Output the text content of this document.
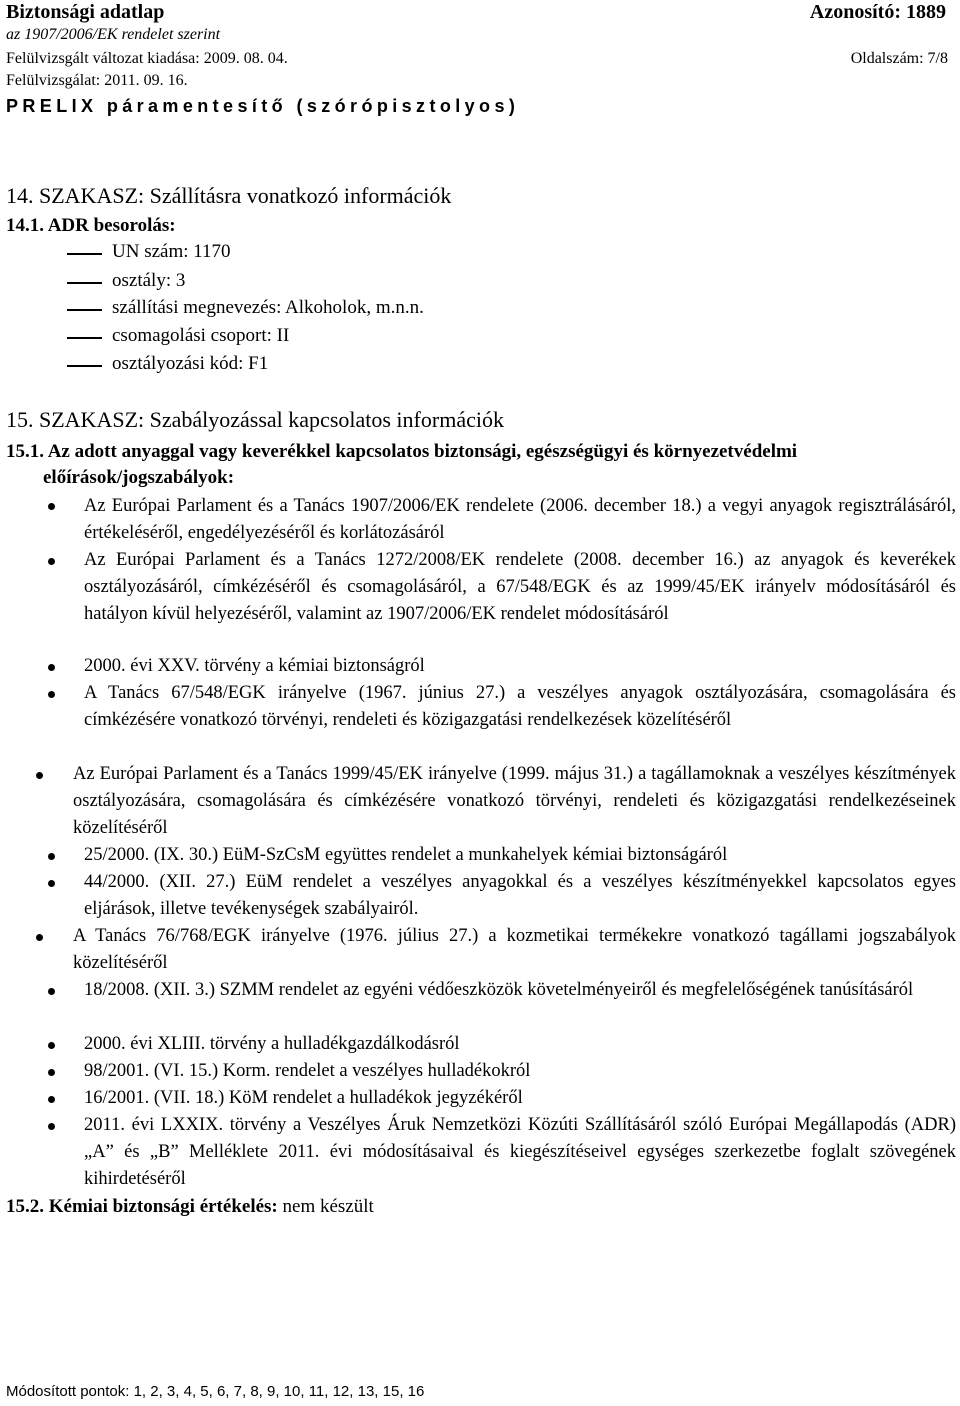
Biztonsági adatlap	Azonosító: 1889
az 1907/2006/EK rendelet szerint
Felülvizsgált változat kiadása: 2009. 08. 04.	Oldalszám: 7/8
Felülvizsgálat: 2011. 09. 16.
PRELIX páramentesítő (szórópisztolyos)
14. SZAKASZ: Szállításra vonatkozó információk
14.1. ADR besorolás:
UN szám: 1170
osztály: 3
szállítási megnevezés: Alkoholok, m.n.n.
csomagolási csoport: II
osztályozási kód: F1
15. SZAKASZ: Szabályozással kapcsolatos információk
15.1. Az adott anyaggal vagy keverékkel kapcsolatos biztonsági, egészségügyi és környezetvédelmi
előírások/jogszabályok:
Az Európai Parlament és a Tanács 1907/2006/EK rendelete (2006. december 18.) a vegyi anyagok regisztrálásáról, értékeléséről, engedélyezéséről és korlátozásáról
Az Európai Parlament és a Tanács 1272/2008/EK rendelete (2008. december 16.) az anyagok és keverékek osztályozásáról, címkézéséről és csomagolásáról, a 67/548/EGK és az 1999/45/EK irányelv módosításáról és hatályon kívül helyezéséről, valamint az 1907/2006/EK rendelet módosításáról
2000. évi XXV. törvény a kémiai biztonságról
A Tanács 67/548/EGK irányelve (1967. június 27.) a veszélyes anyagok osztályozására, csomagolására és címkézésére vonatkozó törvényi, rendeleti és közigazgatási rendelkezések közelítéséről
Az Európai Parlament és a Tanács 1999/45/EK irányelve (1999. május 31.) a tagállamoknak a veszélyes készítmények osztályozására, csomagolására és címkézésére vonatkozó törvényi, rendeleti és közigazgatási rendelkezéseinek közelítéséről
25/2000. (IX. 30.) EüM-SzCsM együttes rendelet a munkahelyek kémiai biztonságáról
44/2000. (XII. 27.) EüM rendelet a veszélyes anyagokkal és a veszélyes készítményekkel kapcsolatos egyes eljárások, illetve tevékenységek szabályairól.
A Tanács 76/768/EGK irányelve (1976. július 27.) a kozmetikai termékekre vonatkozó tagállami jogszabályok közelítéséről
18/2008. (XII. 3.) SZMM rendelet az egyéni védőeszközök követelményeiről és megfelelőségének tanúsításáról
2000. évi XLIII. törvény a hulladékgazdálkodásról
98/2001. (VI. 15.) Korm. rendelet a veszélyes hulladékokról
16/2001. (VII. 18.) KöM rendelet a hulladékok jegyzékéről
2011. évi LXXIX. törvény a Veszélyes Áruk Nemzetközi Közúti Szállításáról szóló Európai Megállapodás (ADR) „A” és „B” Melléklete 2011. évi módosításaival és kiegészítéseivel egységes szerkezetbe foglalt szövegének kihirdetéséről
15.2. Kémiai biztonsági értékelés: nem készült
Módosított pontok: 1, 2, 3, 4, 5, 6, 7, 8, 9, 10, 11, 12, 13, 15, 16
